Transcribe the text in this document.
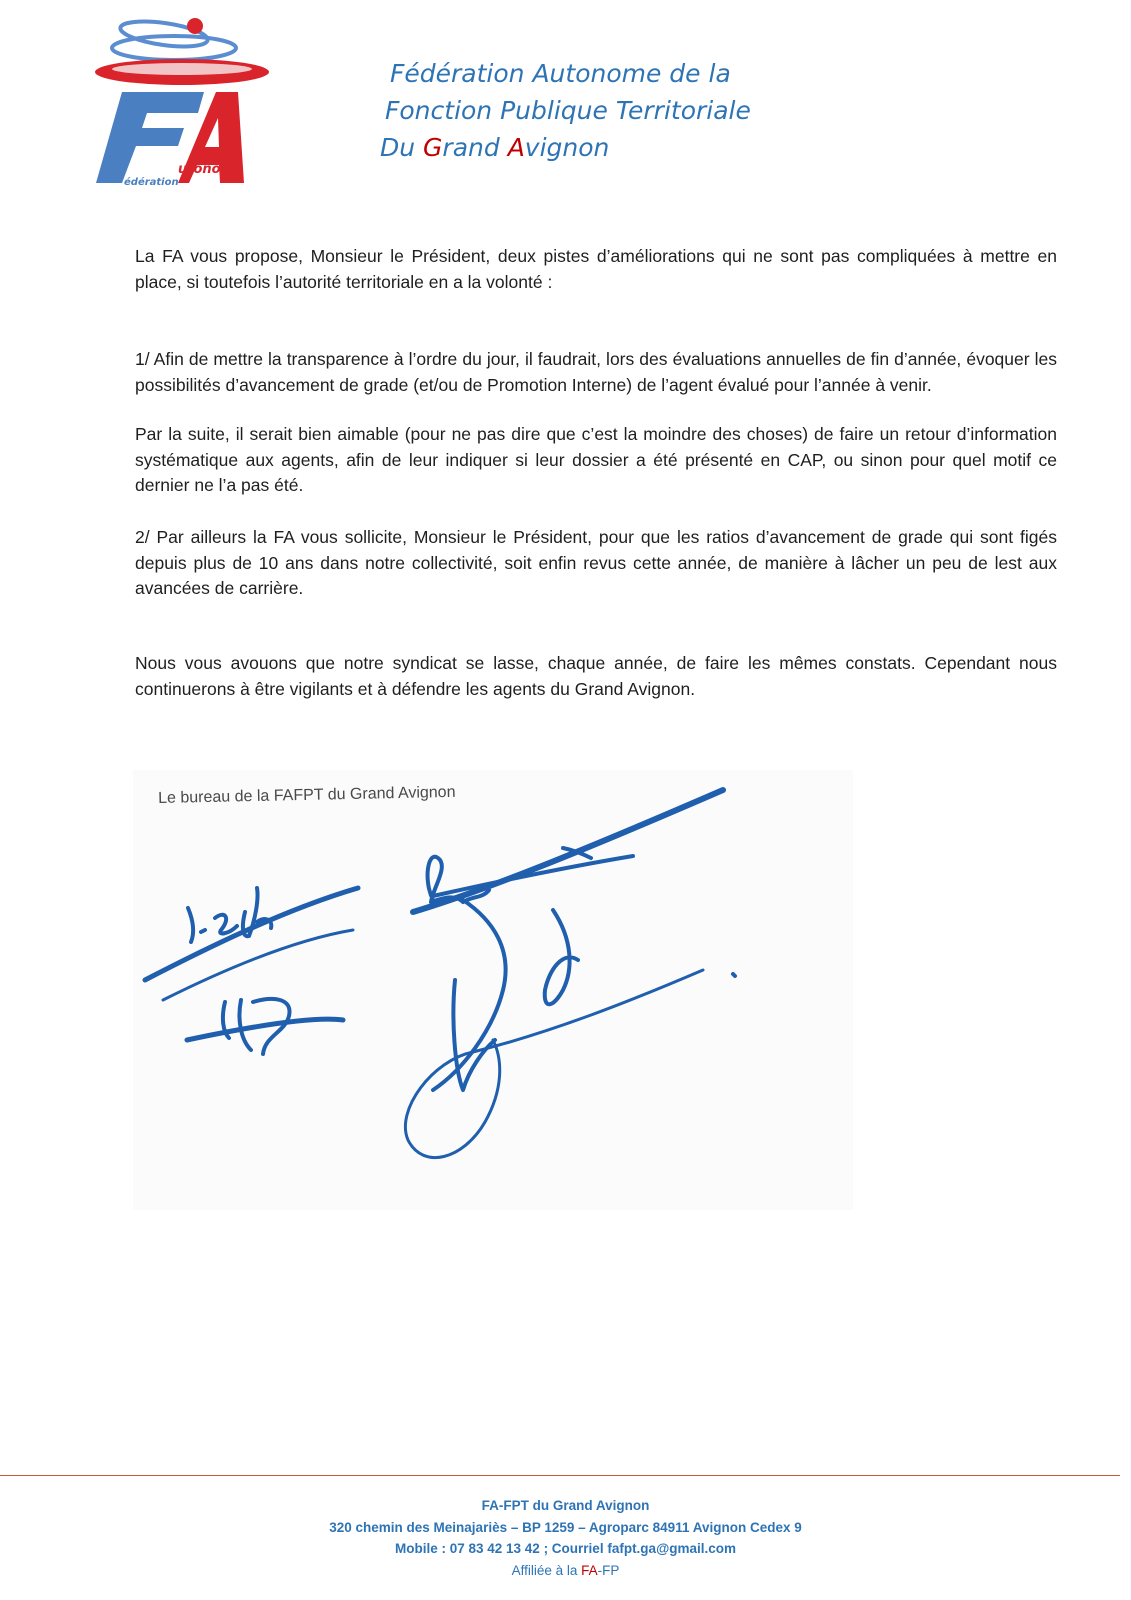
utonome
édération
Fédération Autonome de la
Fonction Publique Territoriale
Du Grand Avignon

La FA vous propose, Monsieur le Président, deux pistes d’améliorations qui ne sont pas compliquées à mettre en place, si toutefois l’autorité territoriale en a la volonté :

1/ Afin de mettre la transparence à l’ordre du jour, il faudrait, lors des évaluations annuelles de fin d’année, évoquer les possibilités d’avancement de grade (et/ou de Promotion Interne) de l’agent évalué pour l’année à venir.

Par la suite, il serait bien aimable (pour ne pas dire que c’est la moindre des choses) de faire un retour d’information systématique aux agents, afin de leur indiquer si leur dossier a été présenté en CAP, ou sinon pour quel motif ce dernier ne l’a pas été.

2/ Par ailleurs la FA vous sollicite, Monsieur le Président, pour que les ratios d’avancement de grade qui sont figés depuis plus de 10 ans dans notre collectivité, soit enfin revus cette année, de manière à lâcher un peu de lest aux avancées de carrière.

Nous vous avouons que notre syndicat se lasse, chaque année, de faire les mêmes constats. Cependant nous continuerons à être vigilants et à défendre les agents du Grand Avignon.

Le bureau de la FAFPT du Grand Avignon
FA-FPT du Grand Avignon
320 chemin des Meinajariès – BP 1259 – Agroparc 84911 Avignon Cedex 9
Mobile : 07 83 42 13 42 ; Courriel fafpt.ga@gmail.com
Affiliée à la FA-FP
